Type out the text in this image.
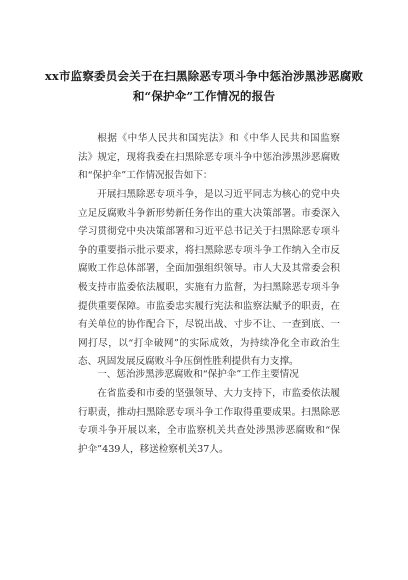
xx市监察委员会关于在扫黑除恶专项斗争中惩治涉黑涉恶腐败和“保护伞”工作情况的报告

根据《中华人民共和国宪法》和《中华人民共和国监察法》规定，现将我委在扫黑除恶专项斗争中惩治涉黑涉恶腐败和“保护伞”工作情况报告如下：

开展扫黑除恶专项斗争，是以习近平同志为核心的党中央立足反腐败斗争新形势新任务作出的重大决策部署。市委深入学习贯彻党中央决策部署和习近平总书记关于扫黑除恶专项斗争的重要指示批示要求，将扫黑除恶专项斗争工作纳入全市反腐败工作总体部署，全面加强组织领导。市人大及其常委会积极支持市监委依法履职，实施有力监督，为扫黑除恶专项斗争提供重要保障。市监委忠实履行宪法和监察法赋予的职责，在有关单位的协作配合下，尽锐出战、寸步不让、一查到底、一网打尽，以“打伞破网”的实际成效，为持续净化全市政治生态、巩固发展反腐败斗争压倒性胜利提供有力支撑。

一、惩治涉黑涉恶腐败和“保护伞”工作主要情况

在省监委和市委的坚强领导、大力支持下，市监委依法履行职责，推动扫黑除恶专项斗争工作取得重要成果。扫黑除恶专项斗争开展以来，全市监察机关共查处涉黑涉恶腐败和“保护伞”439人，移送检察机关37人。
